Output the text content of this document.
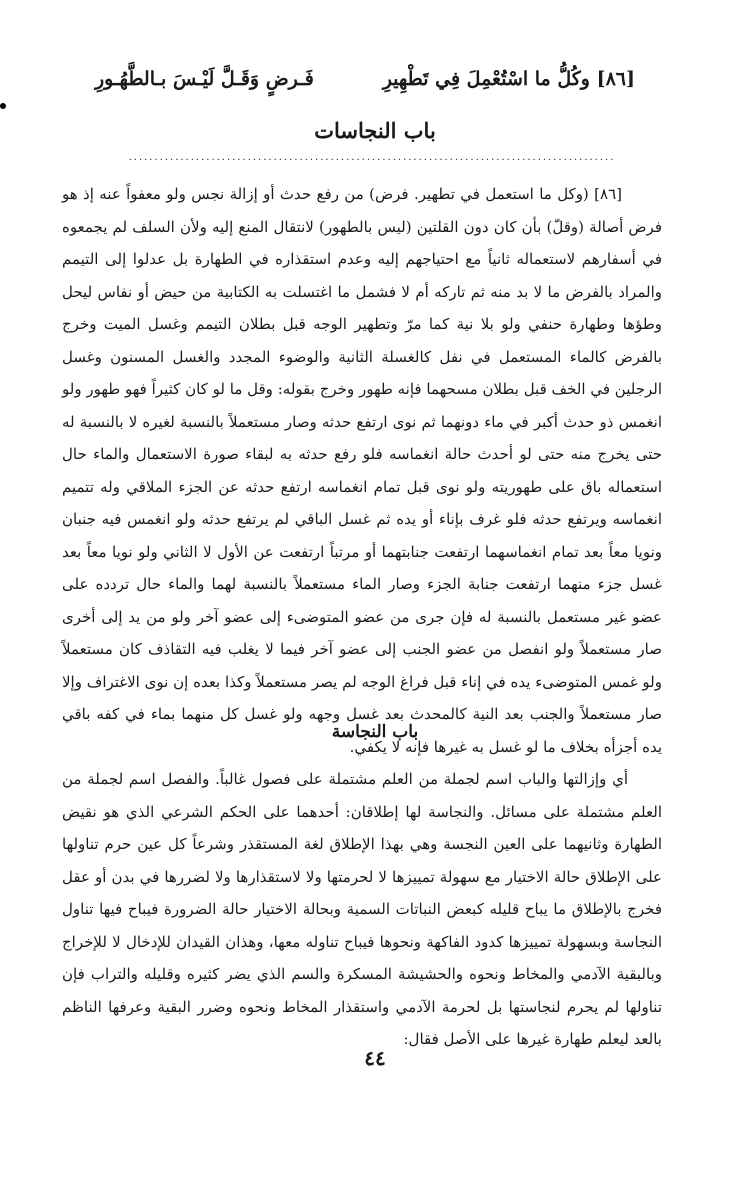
[٨٦] وكُلُّ ما اسْتُعْمِلَ فِي تَطْهِيرِ
فَـرضٍ وَقَـلَّ لَيْـسَ بـالطَّهُـورِ
باب النجاسات
..............................................................................................

[٨٦] (وكل ما استعمل في تطهير. فرض) من رفع حدث أو إزالة نجس ولو معفواً عنه إذ هو فرض أصالة (وقلّ) بأن كان دون القلتين (ليس بالطهور) لانتقال المنع إليه ولأن السلف لم يجمعوه في أسفارهم لاستعماله ثانياً مع احتياجهم إليه وعدم استقذاره في الطهارة بل عدلوا إلى التيمم والمراد بالفرض ما لا بد منه ثم تاركه أم لا فشمل ما اغتسلت به الكتابية من حيض أو نفاس ليحل وطؤها وطهارة حنفي ولو بلا نية كما مرّ وتطهير الوجه قبل بطلان التيمم وغسل الميت وخرج بالفرض كالماء المستعمل في نفل كالغسلة الثانية والوضوء المجدد والغسل المسنون وغسل الرجلين في الخف قبل بطلان مسحهما فإنه طهور وخرج بقوله: وقل ما لو كان كثيراً فهو طهور ولو انغمس ذو حدث أكبر في ماء دونهما ثم نوى ارتفع حدثه وصار مستعملاً بالنسبة لغيره لا بالنسبة له حتى يخرج منه حتى لو أحدث حالة انغماسه فلو رفع حدثه به لبقاء صورة الاستعمال والماء حال استعماله باق على طهوريته ولو نوى قبل تمام انغماسه ارتفع حدثه عن الجزء الملاقي وله تتميم انغماسه ويرتفع حدثه فلو غرف بإناء أو يده ثم غسل الباقي لم يرتفع حدثه ولو انغمس فيه جنبان ونويا معاً بعد تمام انغماسهما ارتفعت جنابتهما أو مرتباً ارتفعت عن الأول لا الثاني ولو نويا معاً بعد غسل جزء منهما ارتفعت جنابة الجزء وصار الماء مستعملاً بالنسبة لهما والماء حال تردده على عضو غير مستعمل بالنسبة له فإن جرى من عضو المتوضىء إلى عضو آخر ولو من يد إلى أخرى صار مستعملاً ولو انفصل من عضو الجنب إلى عضو آخر فيما لا يغلب فيه التقاذف كان مستعملاً ولو غمس المتوضىء يده في إناء قبل فراغ الوجه لم يصر مستعملاً وكذا بعده إن نوى الاغتراف وإلا صار مستعملاً والجنب بعد النية كالمحدث بعد غسل وجهه ولو غسل كل منهما بماء في كفه باقي يده أجزأه بخلاف ما لو غسل به غيرها فإنه لا يكفي.

باب النجاسة

أي وإزالتها والباب اسم لجملة من العلم مشتملة على فصول غالباً. والفصل اسم لجملة من العلم مشتملة على مسائل. والنجاسة لها إطلاقان: أحدهما على الحكم الشرعي الذي هو نقيض الطهارة وثانيهما على العين النجسة وهي بهذا الإطلاق لغة المستقذر وشرعاً كل عين حرم تناولها على الإطلاق حالة الاختيار مع سهولة تمييزها لا لحرمتها ولا لاستقذارها ولا لضررها في بدن أو عقل فخرج بالإطلاق ما يباح قليله كبعض النباتات السمية وبحالة الاختيار حالة الضرورة فيباح فيها تناول النجاسة وبسهولة تمييزها كدود الفاكهة ونحوها فيباح تناوله معها، وهذان القيدان للإدخال لا للإخراج وبالبقية الآدمي والمخاط ونحوه والحشيشة المسكرة والسم الذي يضر كثيره وقليله والتراب فإن تناولها لم يحرم لنجاستها بل لحرمة الآدمي واستقذار المخاط ونحوه وضرر البقية وعرفها الناظم بالعد ليعلم طهارة غيرها على الأصل فقال:

٤٤
